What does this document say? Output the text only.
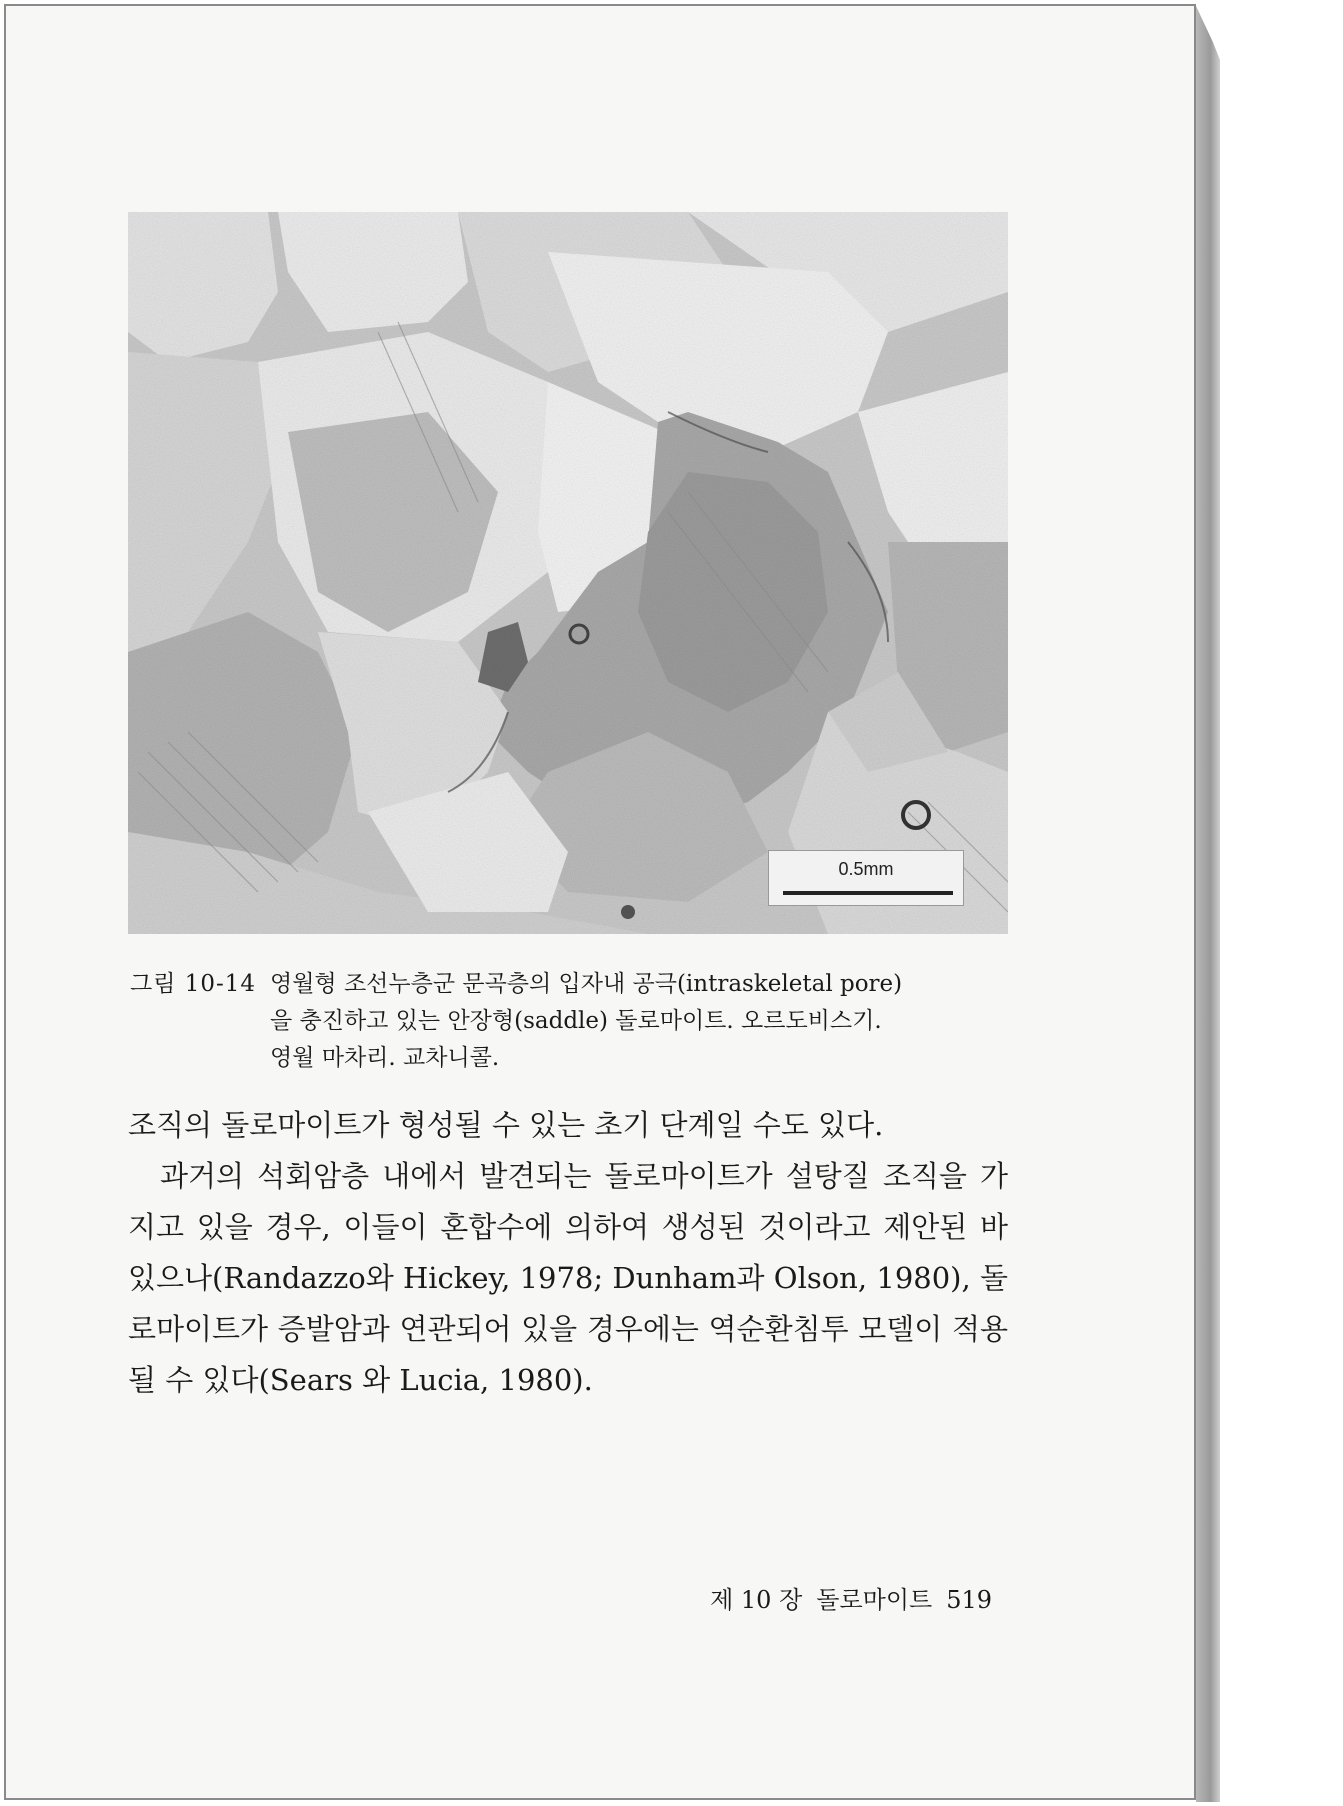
0.5mm
그림 10-14 영월형 조선누층군 문곡층의 입자내 공극(intraskeletal pore)
을 충진하고 있는 안장형(saddle) 돌로마이트. 오르도비스기.
영월 마차리. 교차니콜.

조직의 돌로마이트가 형성될 수 있는 초기 단계일 수도 있다.

과거의 석회암층 내에서 발견되는 돌로마이트가 설탕질 조직을 가지고 있을 경우, 이들이 혼합수에 의하여 생성된 것이라고 제안된 바 있으나(Randazzo와 Hickey, 1978; Dunham과 Olson, 1980), 돌로마이트가 증발암과 연관되어 있을 경우에는 역순환침투 모델이 적용될 수 있다(Sears 와 Lucia, 1980).

제 10 장 돌로마이트 519
